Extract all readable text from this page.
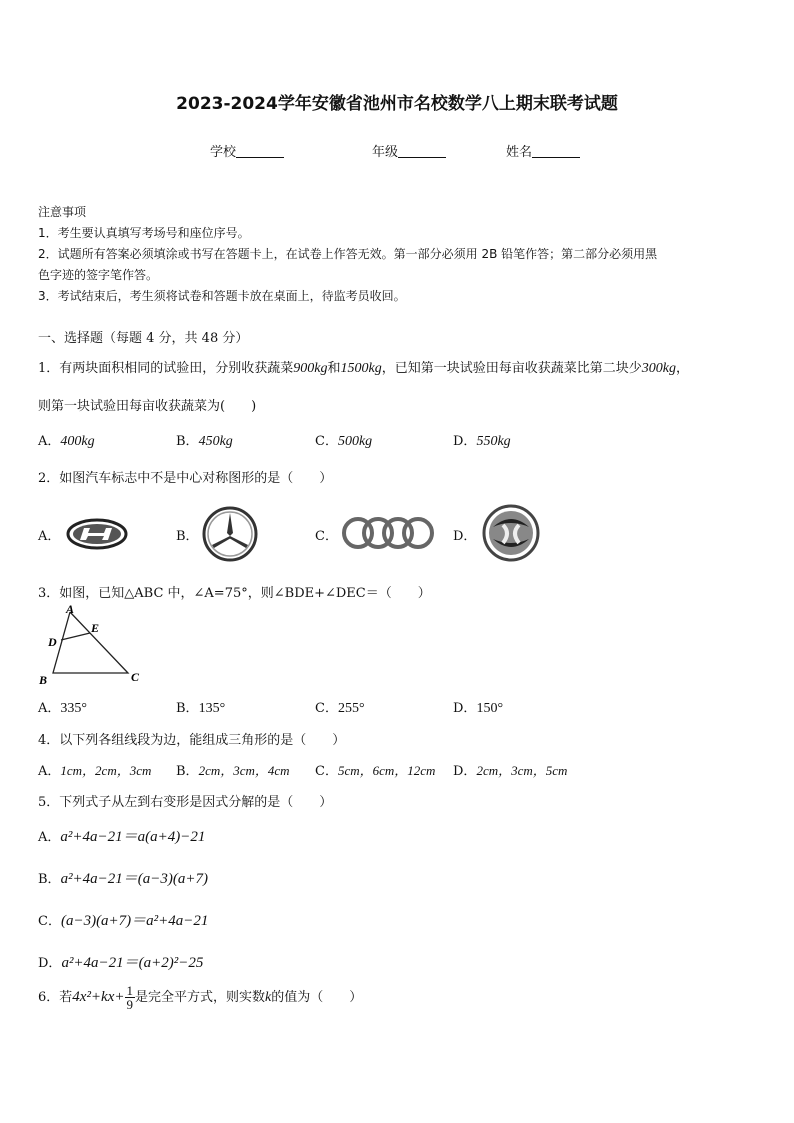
2023-2024学年安徽省池州市名校数学八上期末联考试题
学校	年级	姓名
注意事项
1．考生要认真填写考场号和座位序号。
2．试题所有答案必须填涂或书写在答题卡上，在试卷上作答无效。第一部分必须用 2B 铅笔作答；第二部分必须用黑
色字迹的签字笔作答。
3．考试结束后，考生须将试卷和答题卡放在桌面上，待监考员收回。
一、选择题（每题 4 分，共 48 分）
1．有两块面积相同的试验田，分别收获蔬菜900kg和1500kg，已知第一块试验田每亩收获蔬菜比第二块少300kg，
则第一块试验田每亩收获蔬菜为(　　)
A．400kg	B．450kg	C．500kg	D．550kg
2．如图汽车标志中不是中心对称图形的是（　　）
A．	B．	C．	D．
3．如图，已知△ABC 中，∠A=75°，则∠BDE+∠DEC＝（　　）
A
D
E
B	C
A．335°	B．135°	C．255°	D．150°
4．以下列各组线段为边，能组成三角形的是（　　）
A．1cm，2cm，3cm B．2cm，3cm，4cm C．5cm，6cm，12cm D．2cm，3cm，5cm
5．下列式子从左到右变形是因式分解的是（　　）
A．a²+4a−21＝a(a+4)−21
B．a²+4a−21＝(a−3)(a+7)
C．(a−3)(a+7)＝a²+4a−21
D．a²+4a−21＝(a+2)²−25
6．若$4x^2+kx+ \frac{1}{9}$ 是完全平方式，则实数k的值为（　　）
